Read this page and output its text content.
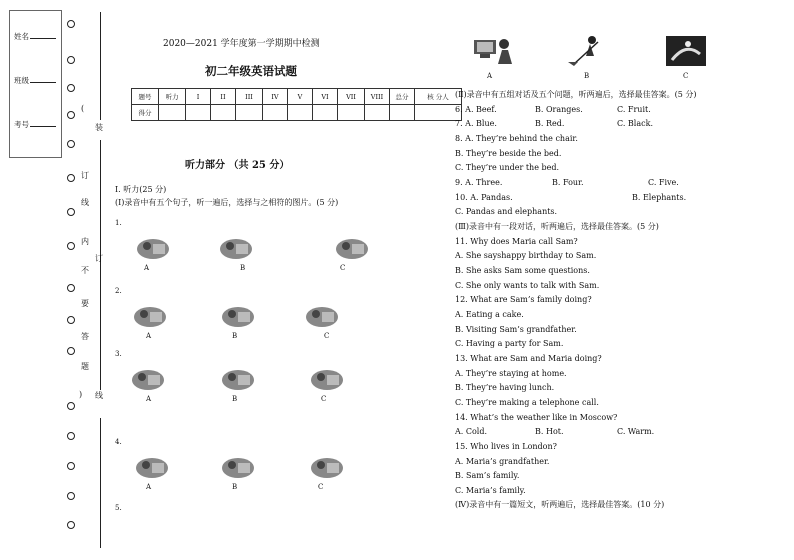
姓名
班级
考号
(
装
订
线
内
不
要
答
题
)
订
线
2020—2021 学年度第一学期期中检测
初二年级英语试题
题号	听力	I	II	III	IV	V	VI	VII	VIII	总分	核 分人
得分											
听力部分 （共 25 分）
Ⅰ. 听力(25 分)
(Ⅰ)录音中有五个句子，听一遍后，选择与之相符的图片。(5 分)
1.
A	B	C
2.
A	B	C
3.
A	B	C
4.
A	B	C
5.
A	B	C
(Ⅱ)录音中有五组对话及五个问题，听两遍后，选择最佳答案。(5 分)
6. A. Beef.	B. Oranges.	C. Fruit.
7. A. Blue.	B. Red.	C. Black.
8. A. They’re behind the chair.
B. They’re beside the bed.
C. They’re under the bed.
9. A. Three.	B. Four.	C. Five.
10. A. Pandas.	B. Elephants.
C. Pandas and elephants.
(Ⅲ)录音中有一段对话，听两遍后，选择最佳答案。(5 分)
11. Why does Maria call Sam?
A. She sayshappy birthday to Sam.
B. She asks Sam some questions.
C. She only wants to talk with Sam.
12. What are Sam’s family doing?
A. Eating a cake.
B. Visiting Sam’s grandfather.
C. Having a party for Sam.
13. What are Sam and Maria doing?
A. They’re staying at home.
B. They’re having lunch.
C. They’re making a telephone call.
14. What’s the weather like in Moscow?
A. Cold.	B. Hot.	C. Warm.
15. Who lives in London?
A. Maria’s grandfather.
B. Sam’s family.
C. Maria’s family.
(Ⅳ)录音中有一篇短文，听两遍后，选择最佳答案。(10 分)
